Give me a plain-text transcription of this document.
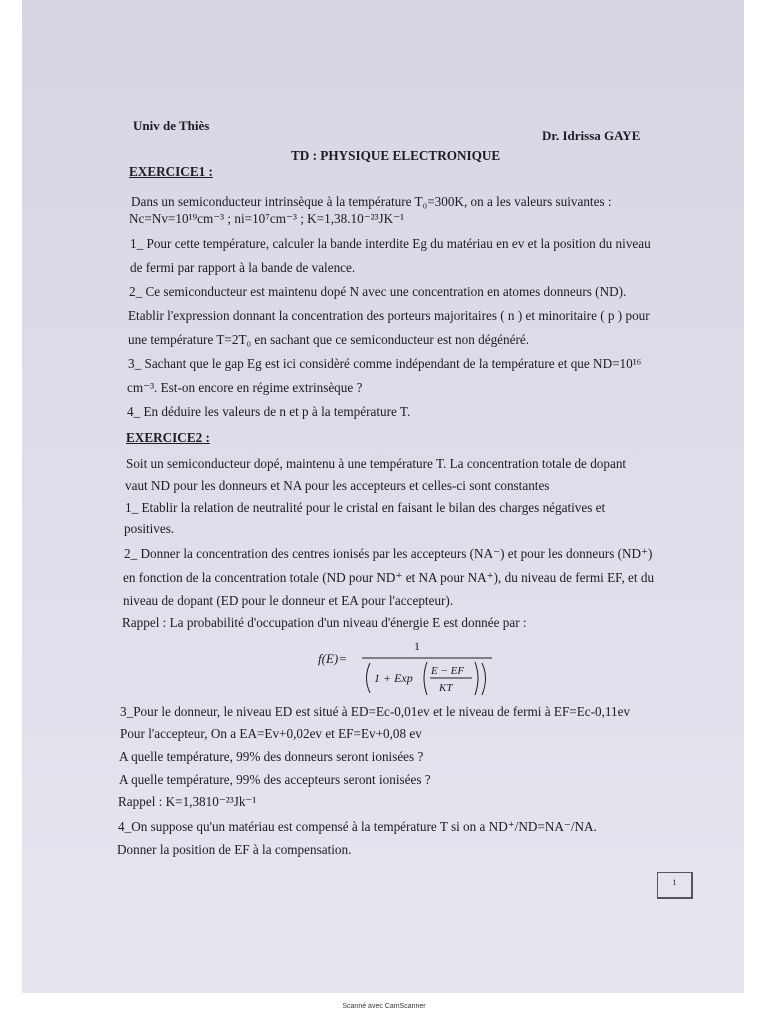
Univ de Thiès
Dr. Idrissa GAYE
TD : PHYSIQUE ELECTRONIQUE
EXERCICE1 :
Dans un semiconducteur intrinsèque à la température T₀=300K, on a les valeurs suivantes :
Nc=Nv=10¹⁹cm⁻³ ; ni=10⁷cm⁻³ ; K=1,38.10⁻²³JK⁻¹
1_ Pour cette température, calculer la bande interdite Eg du matériau en ev et la position du niveau
de fermi par rapport à la bande de valence.
2_ Ce semiconducteur est maintenu dopé N avec une concentration en atomes donneurs (ND).
Etablir l'expression donnant la concentration des porteurs majoritaires ( n ) et minoritaire ( p ) pour
une température T=2T₀ en sachant que ce semiconducteur est non dégénéré.
3_ Sachant que le gap Eg est ici considèré comme indépendant de la température et que ND=10¹⁶
cm⁻³. Est-on encore en régime extrinsèque ?
4_ En déduire les valeurs de n et p à la température T.
EXERCICE2 :
Soit un semiconducteur dopé, maintenu à une température T. La concentration totale de dopant
vaut ND pour les donneurs et NA pour les accepteurs et celles-ci sont constantes
1_ Etablir la relation de neutralité pour le cristal en faisant le bilan des charges négatives et
positives.
2_ Donner la concentration des centres ionisés par les accepteurs (NA⁻) et pour les donneurs (ND⁺)
en fonction de la concentration totale (ND pour ND⁺ et NA pour NA⁺), du niveau de fermi EF, et du
niveau de dopant (ED pour le donneur et EA pour l'accepteur).
Rappel : La probabilité d'occupation d'un niveau d'énergie E est donnée par :
f(E)=
1
1 + Exp E − EF
KT
3_Pour le donneur, le niveau ED est situé à ED=Ec-0,01ev et le niveau de fermi à EF=Ec-0,11ev
Pour l'accepteur, On a EA=Ev+0,02ev et EF=Ev+0,08 ev
A quelle température, 99% des donneurs seront ionisées ?
A quelle température, 99% des accepteurs seront ionisées ?
Rappel : K=1,3810⁻²³Jk⁻¹
4_On suppose qu'un matériau est compensé à la température T si on a ND⁺/ND=NA⁻/NA.
Donner la position de EF à la compensation.
1
Scanné avec CamScanner
